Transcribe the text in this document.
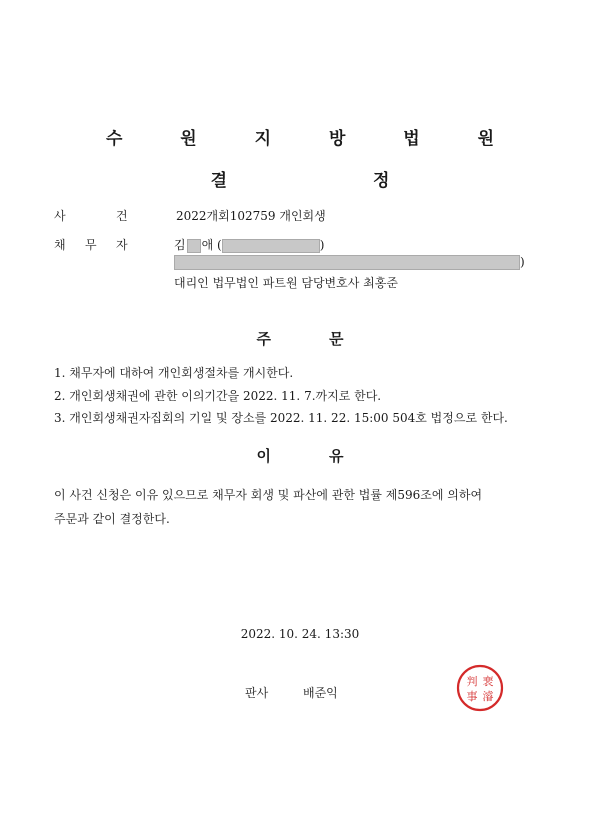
수 원 지 방 법 원
결 정
사	건	2022개회102759 개인회생
채 무 자	김 애 (	)
)
대리인 법무법인 파트원 담당변호사 최홍준
주	문
1. 채무자에 대하여 개인회생절차를 개시한다.
2. 개인회생채권에 관한 이의기간을 2022. 11. 7.까지로 한다.
3. 개인회생채권자집회의 기일 및 장소를 2022. 11. 22. 15:00 504호 법정으로 한다.
이	유
이 사건 신청은 이유 있으므로 채무자 회생 및 파산에 관한 법률 제596조에 의하여
주문과 같이 결정한다.
2022. 10. 24. 13:30
판사	배준익
判 裵
事 濬
